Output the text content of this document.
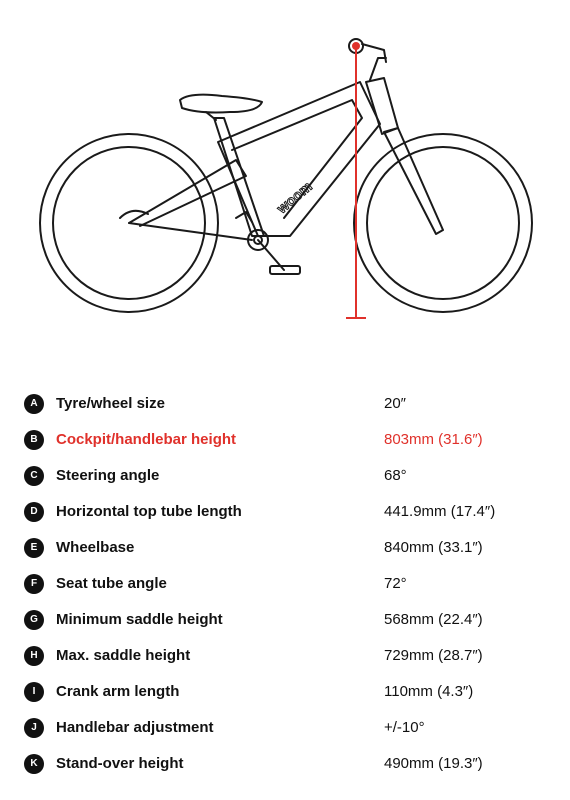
woom
A	Tyre/wheel size	20″
B	Cockpit/handlebar height	803mm (31.6″)
C	Steering angle	68°
D	Horizontal top tube length	441.9mm (17.4″)
E	Wheelbase	840mm (33.1″)
F	Seat tube angle	72°
G	Minimum saddle height	568mm (22.4″)
H	Max. saddle height	729mm (28.7″)
I	Crank arm length	110mm (4.3″)
J	Handlebar adjustment	+/-10°
K	Stand-over height	490mm (19.3″)
